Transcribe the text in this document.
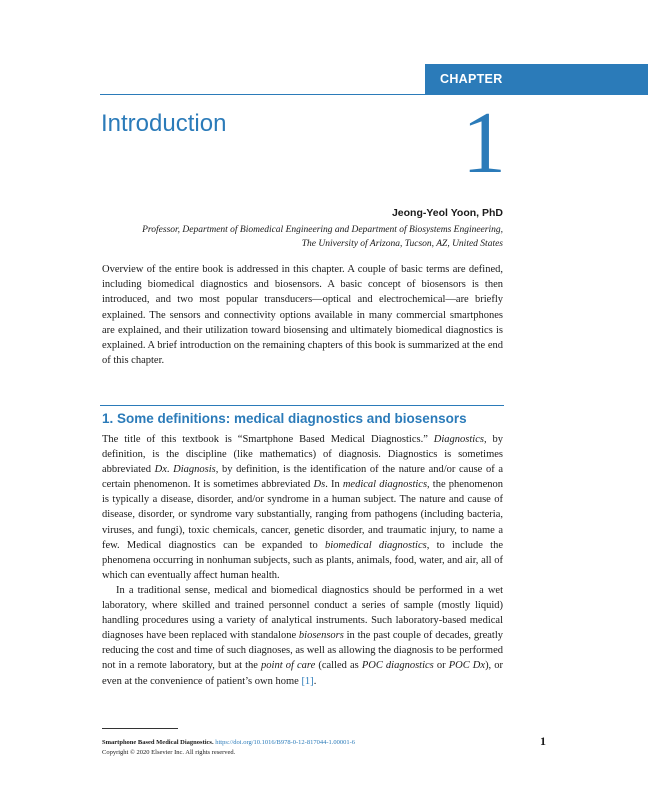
CHAPTER
Introduction	1
Jeong-Yeol Yoon, PhD
Professor, Department of Biomedical Engineering and Department of Biosystems Engineering,
The University of Arizona, Tucson, AZ, United States

Overview of the entire book is addressed in this chapter. A couple of basic terms are defined, including biomedical diagnostics and biosensors. A basic concept of biosensors is then introduced, and two most popular transducers—optical and electrochemical—are briefly explained. The sensors and connectivity options available in many commercial smartphones are explained, and their utilization toward biosensing and ultimately biomedical diagnostics is explained. A brief introduction on the remaining chapters of this book is summarized at the end of this chapter.

1. Some definitions: medical diagnostics and biosensors

The title of this textbook is “Smartphone Based Medical Diagnostics.” Diagnostics, by definition, is the discipline (like mathematics) of diagnosis. Diagnostics is sometimes abbreviated Dx. Diagnosis, by definition, is the identification of the nature and/or cause of a certain phenomenon. It is sometimes abbreviated Ds. In medical diagnostics, the phenomenon is typically a disease, disorder, and/or syndrome in a human subject. The nature and cause of disease, disorder, or syndrome vary substantially, ranging from pathogens (including bacteria, viruses, and fungi), toxic chemicals, cancer, genetic disorder, and traumatic injury, to name a few. Medical diagnostics can be expanded to biomedical diagnostics, to include the phenomena occurring in nonhuman subjects, such as plants, animals, food, water, and air, all of which can eventually affect human health.

In a traditional sense, medical and biomedical diagnostics should be performed in a wet laboratory, where skilled and trained personnel conduct a series of sample (mostly liquid) handling procedures using a variety of analytical instruments. Such laboratory-based medical diagnoses have been replaced with standalone biosensors in the past couple of decades, greatly reducing the cost and time of such diagnoses, as well as allowing the diagnosis to be performed not in a remote laboratory, but at the point of care (called as POC diagnostics or POC Dx), or even at the convenience of patient’s own home [1].

Smartphone Based Medical Diagnostics. https://doi.org/10.1016/B978-0-12-817044-1.00001-6
Copyright © 2020 Elsevier Inc. All rights reserved.
1
